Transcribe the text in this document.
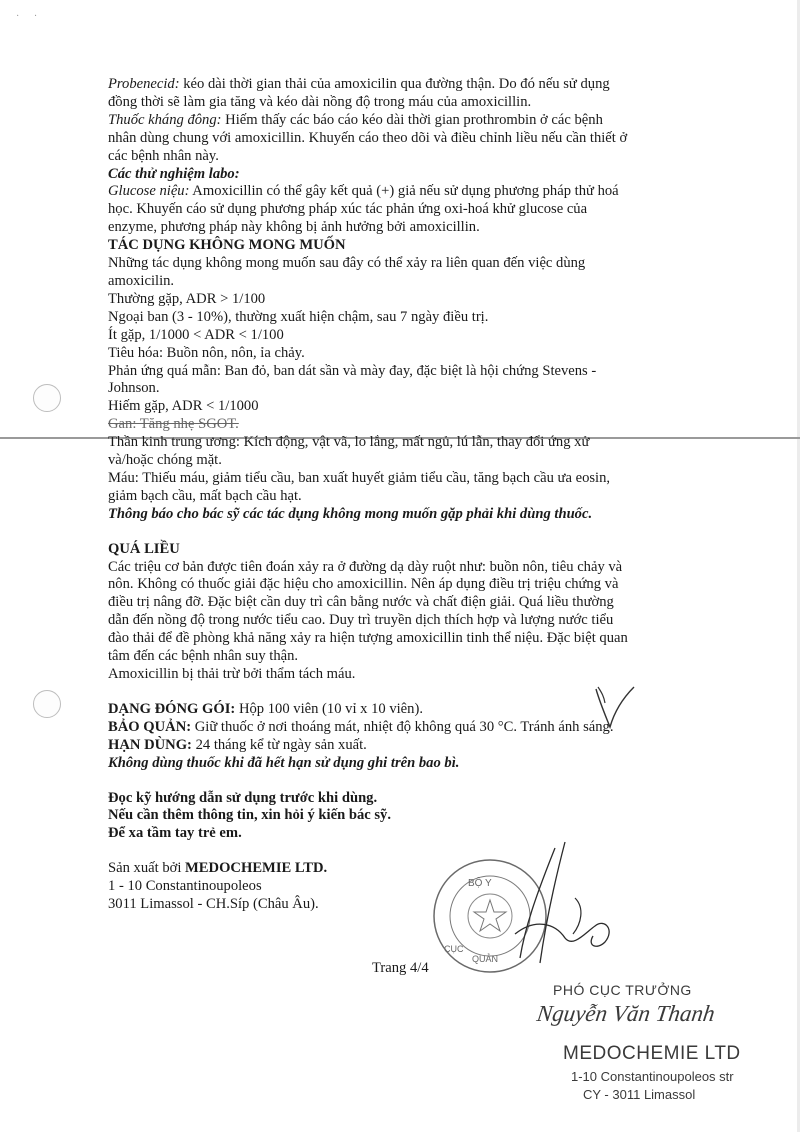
· ·

Probenecid: kéo dài thời gian thải của amoxicilin qua đường thận. Do đó nếu sử dụng

đồng thời sẽ làm gia tăng và kéo dài nồng độ trong máu của amoxicillin.

Thuốc kháng đông: Hiếm thấy các báo cáo kéo dài thời gian prothrombin ở các bệnh

nhân dùng chung với amoxicillin. Khuyến cáo theo dõi và điều chỉnh liều nếu cần thiết ở

các bệnh nhân này.

Các thử nghiệm labo:

Glucose niệu: Amoxicillin có thể gây kết quả (+) giả nếu sử dụng phương pháp thử hoá

học. Khuyến cáo sử dụng phương pháp xúc tác phản ứng oxi-hoá khử glucose của

enzyme, phương pháp này không bị ảnh hưởng bởi amoxicillin.

TÁC DỤNG KHÔNG MONG MUỐN

Những tác dụng không mong muốn sau đây có thể xảy ra liên quan đến việc dùng

amoxicilin.

Thường gặp, ADR > 1/100

Ngoại ban (3 - 10%), thường xuất hiện chậm, sau 7 ngày điều trị.

Ít gặp, 1/1000 < ADR < 1/100

Tiêu hóa: Buồn nôn, nôn, ỉa chảy.

Phản ứng quá mẫn: Ban đỏ, ban dát sần và mày đay, đặc biệt là hội chứng Stevens -

Johnson.

Hiếm gặp, ADR < 1/1000

Gan: Tăng nhẹ SGOT.

Thần kinh trung ương: Kích động, vật vã, lo lắng, mất ngủ, lú lẫn, thay đổi ứng xử

và/hoặc chóng mặt.

Máu: Thiếu máu, giảm tiểu cầu, ban xuất huyết giảm tiểu cầu, tăng bạch cầu ưa eosin,

giảm bạch cầu, mất bạch cầu hạt.

Thông báo cho bác sỹ các tác dụng không mong muốn gặp phải khi dùng thuốc.

QUÁ LIỀU

Các triệu cơ bản được tiên đoán xảy ra ở đường dạ dày ruột như: buồn nôn, tiêu chảy và

nôn. Không có thuốc giải đặc hiệu cho amoxicillin. Nên áp dụng điều trị triệu chứng và

điều trị nâng đỡ. Đặc biệt cần duy trì cân bằng nước và chất điện giải. Quá liều thường

dẫn đến nồng độ trong nước tiểu cao. Duy trì truyền dịch thích hợp và lượng nước tiểu

đào thải để đề phòng khả năng xảy ra hiện tượng amoxicillin tinh thể niệu. Đặc biệt quan

tâm đến các bệnh nhân suy thận.

Amoxicillin bị thải trừ bởi thẩm tách máu.

DẠNG ĐÓNG GÓI: Hộp 100 viên (10 vỉ x 10 viên).

BẢO QUẢN: Giữ thuốc ở nơi thoáng mát, nhiệt độ không quá 30 °C. Tránh ánh sáng.

HẠN DÙNG: 24 tháng kể từ ngày sản xuất.

Không dùng thuốc khi đã hết hạn sử dụng ghi trên bao bì.

Đọc kỹ hướng dẫn sử dụng trước khi dùng.

Nếu cần thêm thông tin, xin hỏi ý kiến bác sỹ.

Để xa tầm tay trẻ em.

Sản xuất bởi MEDOCHEMIE LTD.

1 - 10 Constantinoupoleos

3011 Limassol - CH.Síp (Châu Âu).

Trang 4/4
BỘ Y
QUẢN
CỤC
PHÓ CỤC TRƯỞNG
Nguyễn Văn Thanh
MEDOCHEMIE LTD
1-10 Constantinoupoleos str
CY - 3011 Limassol
